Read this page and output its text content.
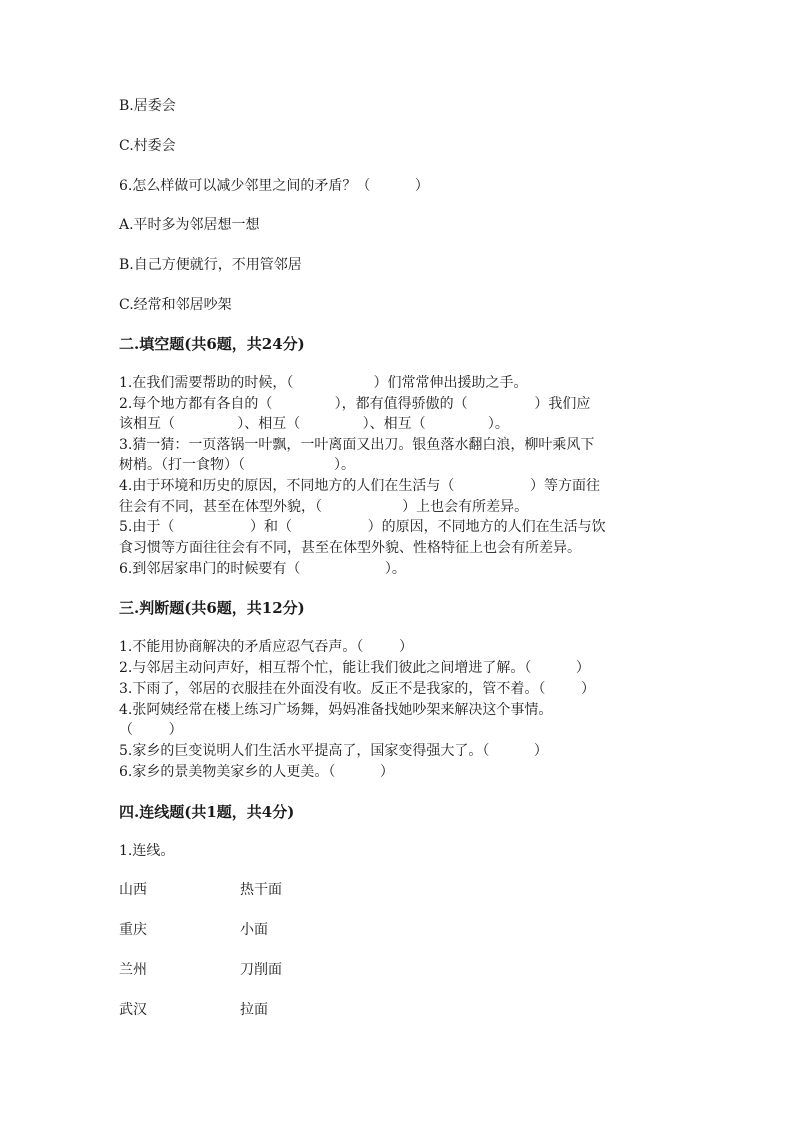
B.居委会
C.村委会
6.怎么样做可以减少邻里之间的矛盾？（          ）
A.平时多为邻居想一想
B.自己方便就行，不用管邻居
C.经常和邻居吵架
二.填空题(共6题，共24分)
1.在我们需要帮助的时候，（                  ）们常常伸出援助之手。
2.每个地方都有各自的（              ），都有值得骄傲的（               ）我们应
该相互（              ）、相互（              ）、相互（              ）。
3.猜一猜：一页落锅一叶飘，一叶离面又出刀。银鱼落水翻白浪，柳叶乘风下
树梢。（打一食物）（                    ）。
4.由于环境和历史的原因，不同地方的人们在生活与（                 ）等方面往
往会有不同，甚至在体型外貌，（                  ）上也会有所差异。
5.由于（                 ）和（                 ）的原因，不同地方的人们在生活与饮
食习惯等方面往往会有不同，甚至在体型外貌、性格特征上也会有所差异。
6.到邻居家串门的时候要有（                   ）。
三.判断题(共6题，共12分)
1.不能用协商解决的矛盾应忍气吞声。（        ）
2.与邻居主动问声好，相互帮个忙，能让我们彼此之间增进了解。（          ）
3.下雨了，邻居的衣服挂在外面没有收。反正不是我家的，管不着。（        ）
4.张阿姨经常在楼上练习广场舞，妈妈准备找她吵架来解决这个事情。
（        ）
5.家乡的巨变说明人们生活水平提高了，国家变得强大了。（          ）
6.家乡的景美物美家乡的人更美。（          ）
四.连线题(共1题，共4分)
1.连线。
山西	热干面
重庆	小面
兰州	刀削面
武汉	拉面
